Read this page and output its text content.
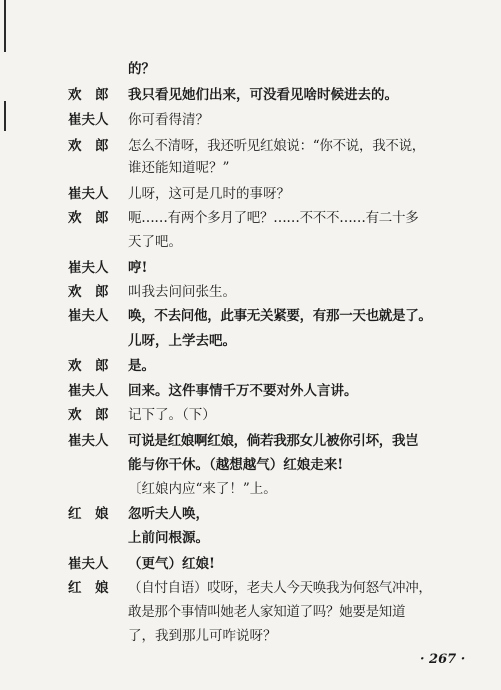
的？
欢　郎	我只看见她们出来，可没看见啥时候进去的。
崔夫人	你可看得清？
欢　郎	怎么不清呀，我还听见红娘说：“你不说，我不说，
谁还能知道呢？”
崔夫人	儿呀，这可是几时的事呀？
欢　郎	呃……有两个多月了吧？……不不不……有二十多
天了吧。
崔夫人	哼!
欢　郎	叫我去问问张生。
崔夫人	唤，不去问他，此事无关紧要，有那一天也就是了。
儿呀，上学去吧。
欢　郎	是。
崔夫人	回来。这件事情千万不要对外人言讲。
欢　郎	记下了。（下）
崔夫人	可说是红娘啊红娘，倘若我那女儿被你引坏，我岂
能与你干休。（越想越气）红娘走来!
〔红娘内应“来了！”上。
红　娘	忽听夫人唤，
上前问根源。
崔夫人	（更气）红娘!
红　娘	（自忖自语）哎呀，老夫人今天唤我为何怒气冲冲，
敢是那个事情叫她老人家知道了吗？她要是知道
了，我到那儿可咋说呀？
· 267 ·
